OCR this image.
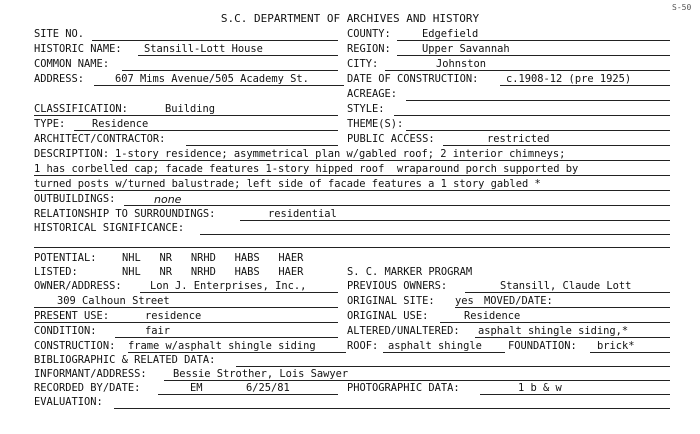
S-50
S.C. DEPARTMENT OF ARCHIVES AND HISTORY
SITE NO.	COUNTY:	Edgefield
HISTORIC NAME: Stansill-Lott House	REGION:	Upper Savannah
COMMON NAME:	CITY:	Johnston
ADDRESS:	607 Mims Avenue/505 Academy St.	DATE OF CONSTRUCTION:	c.1908-12 (pre 1925)
ACREAGE:
CLASSIFICATION:	Building	STYLE:
TYPE:	Residence	THEME(S):
ARCHITECT/CONTRACTOR:	PUBLIC ACCESS:	restricted
DESCRIPTION: 1-story residence; asymmetrical plan w/gabled roof; 2 interior chimneys;
1 has corbelled cap; facade features 1-story hipped roof  wraparound porch supported by
turned posts w/turned balustrade; left side of facade features a 1 story gabled *
OUTBUILDINGS:	none
RELATIONSHIP TO SURROUNDINGS:	residential
HISTORICAL SIGNIFICANCE:
POTENTIAL: NHL   NR   NRHD   HABS   HAER
LISTED:	NHL   NR   NRHD   HABS   HAER	S. C. MARKER PROGRAM
OWNER/ADDRESS:	Lon J. Enterprises, Inc.,	PREVIOUS OWNERS:	Stansill, Claude Lott
309 Calhoun Street	ORIGINAL SITE: yes MOVED/DATE:
PRESENT USE:	residence	ORIGINAL USE:	Residence
CONDITION:	fair	ALTERED/UNALTERED: asphalt shingle siding,*
CONSTRUCTION: frame w/asphalt shingle siding	ROOF: asphalt shingle	FOUNDATION: brick*
BIBLIOGRAPHIC & RELATED DATA:
INFORMANT/ADDRESS:	Bessie Strother, Lois Sawyer
RECORDED BY/DATE:	EM	6/25/81	PHOTOGRAPHIC DATA:	1 b & w
EVALUATION:
